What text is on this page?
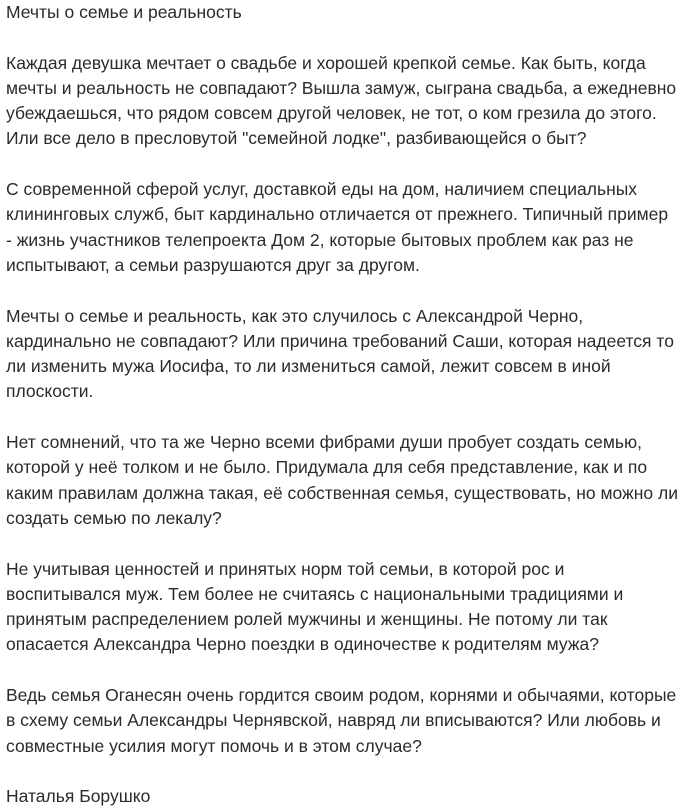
Мечты о семье и реальность
Каждая девушка мечтает о свадьбе и хорошей крепкой семье. Как быть, когда
мечты и реальность не совпадают? Вышла замуж, сыграна свадьба, а ежедневно
убеждаешься, что рядом совсем другой человек, не тот, о ком грезила до этого.
Или все дело в пресловутой "семейной лодке", разбивающейся о быт?
С современной сферой услуг, доставкой еды на дом, наличием специальных
клининговых служб, быт кардинально отличается от прежнего. Типичный пример
- жизнь участников телепроекта Дом 2, которые бытовых проблем как раз не
испытывают, а семьи разрушаются друг за другом.
Мечты о семье и реальность, как это случилось с Александрой Черно,
кардинально не совпадают? Или причина требований Саши, которая надеется то
ли изменить мужа Иосифа, то ли измениться самой, лежит совсем в иной
плоскости.
Нет сомнений, что та же Черно всеми фибрами души пробует создать семью,
которой у неё толком и не было. Придумала для себя представление, как и по
каким правилам должна такая, её собственная семья, существовать, но можно ли
создать семью по лекалу?
Не учитывая ценностей и принятых норм той семьи, в которой рос и
воспитывался муж. Тем более не считаясь с национальными традициями и
принятым распределением ролей мужчины и женщины. Не потому ли так
опасается Александра Черно поездки в одиночестве к родителям мужа?
Ведь семья Оганесян очень гордится своим родом, корнями и обычаями, которые
в схему семьи Александры Чернявской, навряд ли вписываются? Или любовь и
совместные усилия могут помочь и в этом случае?
Наталья Борушко
